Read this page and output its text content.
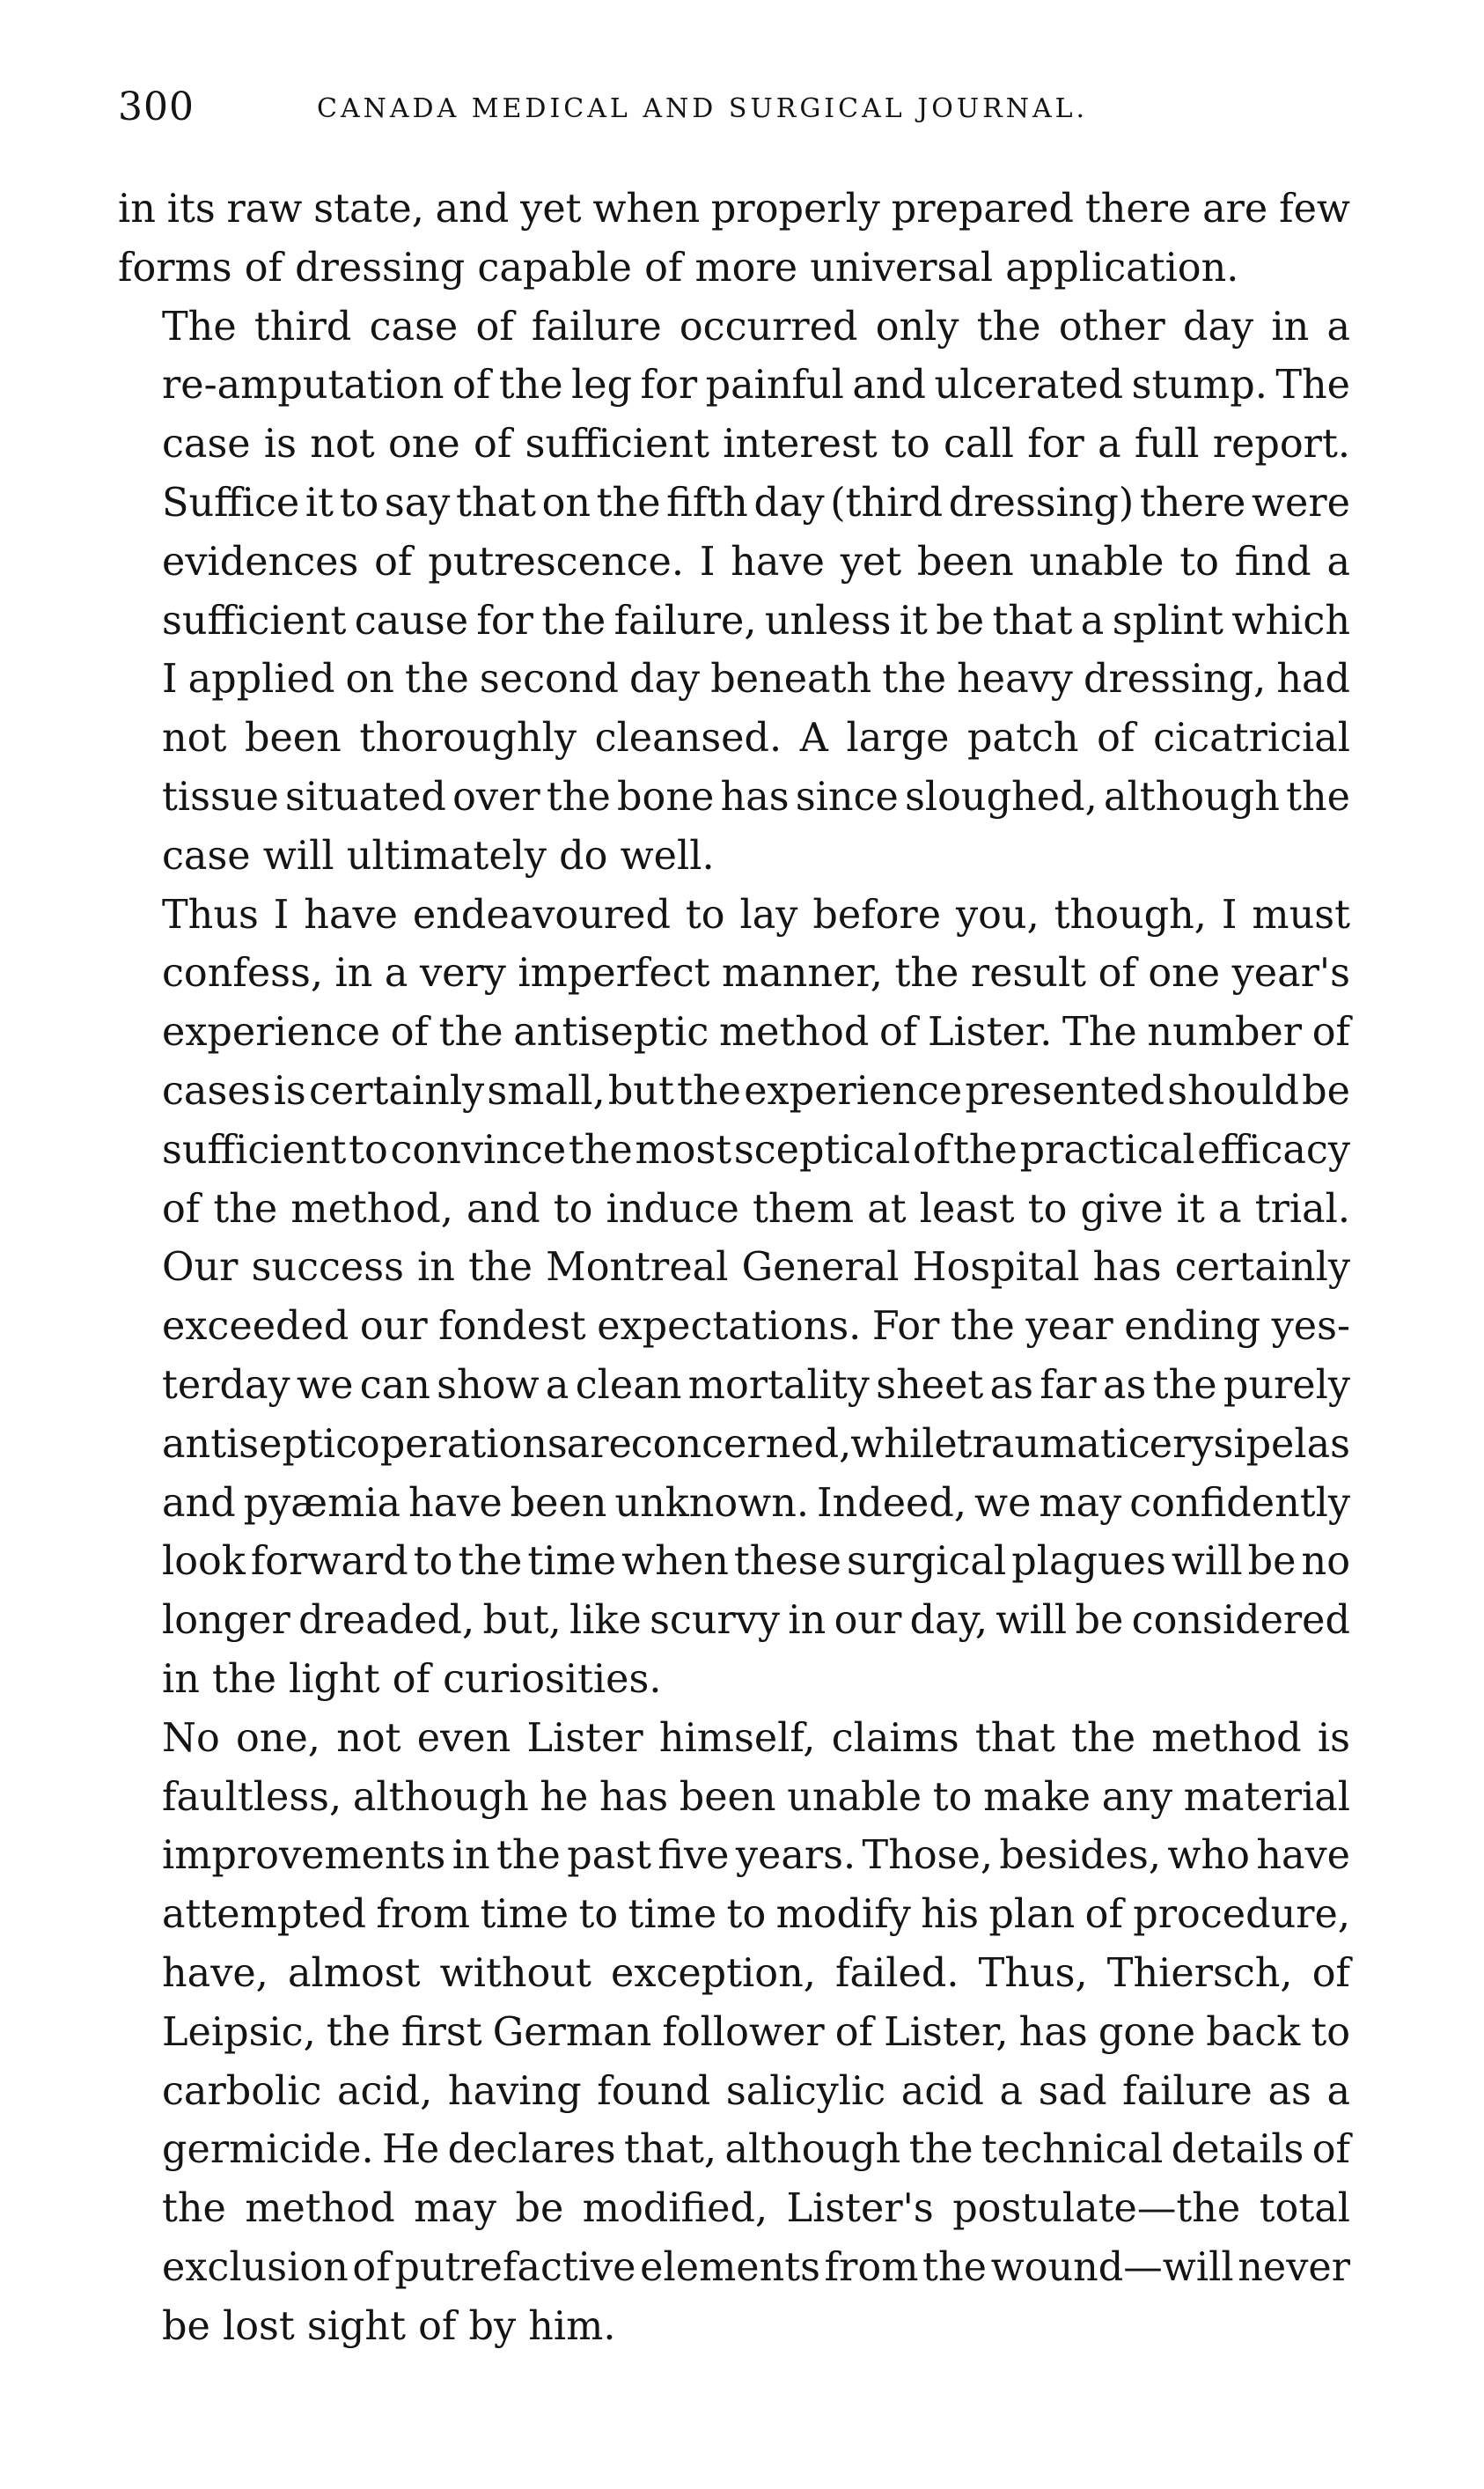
300	CANADA MEDICAL AND SURGICAL JOURNAL.

in its raw state, and yet when properly prepared there are few
forms of dressing capable of more universal application.

The third case of failure occurred only the other day in a
re-amputation of the leg for painful and ulcerated stump. The
case is not one of sufficient interest to call for a full report.
Suffice it to say that on the fifth day (third dressing) there were
evidences of putrescence. I have yet been unable to find a
sufficient cause for the failure, unless it be that a splint which
I applied on the second day beneath the heavy dressing, had
not been thoroughly cleansed. A large patch of cicatricial
tissue situated over the bone has since sloughed, although the
case will ultimately do well.

Thus I have endeavoured to lay before you, though, I must
confess, in a very imperfect manner, the result of one year's
experience of the antiseptic method of Lister. The number of
cases is certainly small, but the experience presented should be
sufficient to convince the most sceptical of the practical efficacy
of the method, and to induce them at least to give it a trial.
Our success in the Montreal General Hospital has certainly
exceeded our fondest expectations. For the year ending yes-
terday we can show a clean mortality sheet as far as the purely
antiseptic operations are concerned, while traumatic erysipelas
and pyæmia have been unknown. Indeed, we may confidently
look forward to the time when these surgical plagues will be no
longer dreaded, but, like scurvy in our day, will be considered
in the light of curiosities.

No one, not even Lister himself, claims that the method is
faultless, although he has been unable to make any material
improvements in the past five years. Those, besides, who have
attempted from time to time to modify his plan of procedure,
have, almost without exception, failed. Thus, Thiersch, of
Leipsic, the first German follower of Lister, has gone back to
carbolic acid, having found salicylic acid a sad failure as a
germicide. He declares that, although the technical details of
the method may be modified, Lister's postulate—the total
exclusion of putrefactive elements from the wound—will never
be lost sight of by him.
